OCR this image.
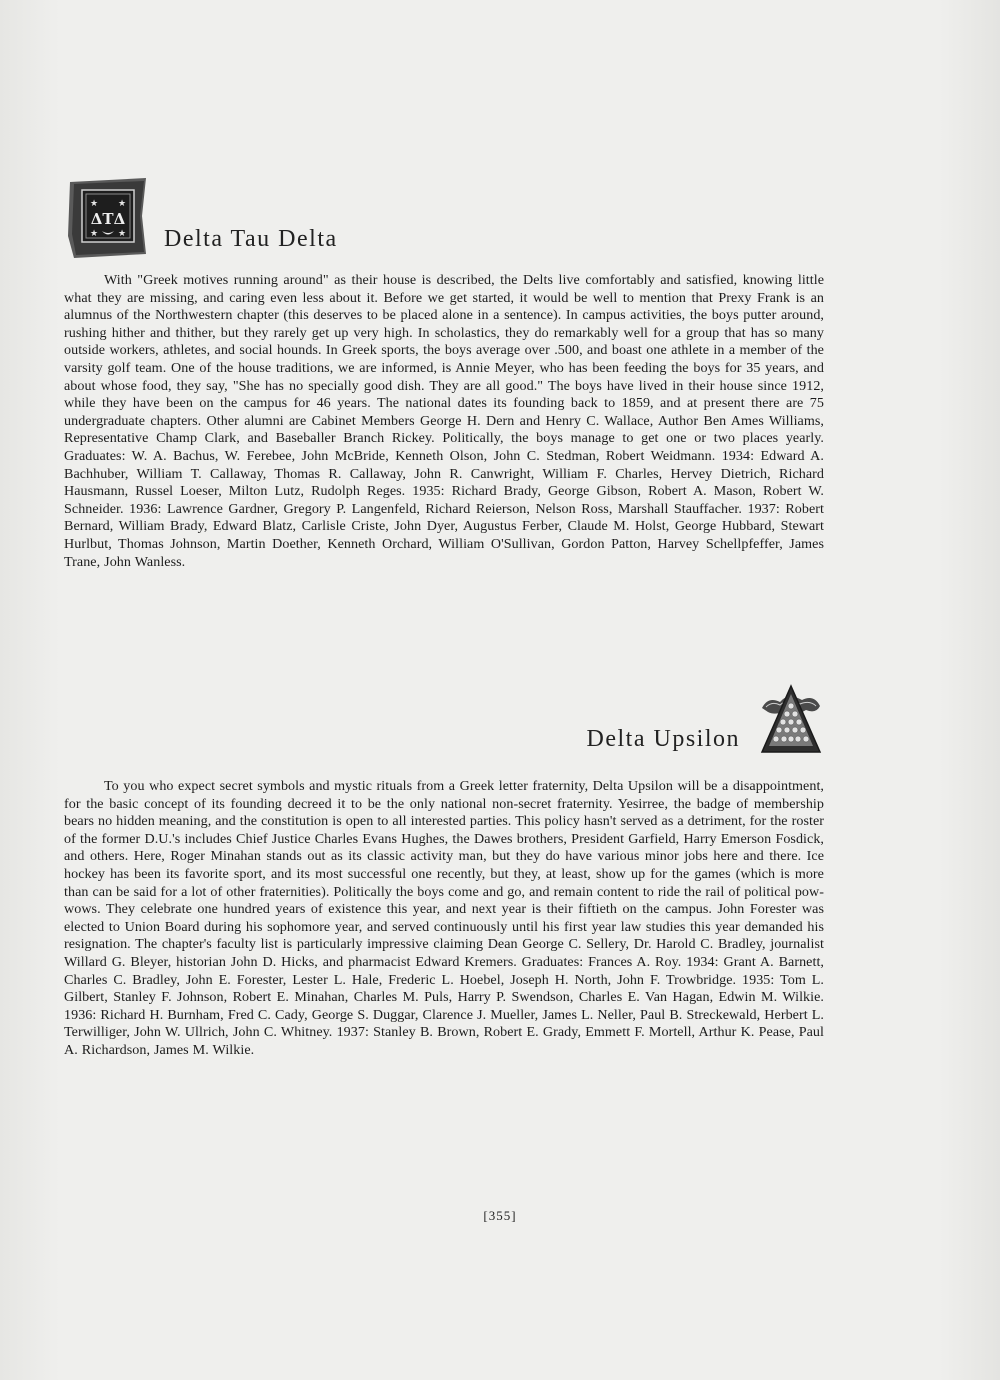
★ ★
★ ★
ΔΤΔ
Delta Tau Delta

With "Greek motives running around" as their house is described, the Delts live comfortably and satisfied, knowing little what they are missing, and caring even less about it. Before we get started, it would be well to mention that Prexy Frank is an alumnus of the Northwestern chapter (this deserves to be placed alone in a sentence). In campus activities, the boys putter around, rushing hither and thither, but they rarely get up very high. In scholastics, they do remarkably well for a group that has so many outside workers, athletes, and social hounds. In Greek sports, the boys average over .500, and boast one athlete in a member of the varsity golf team. One of the house traditions, we are informed, is Annie Meyer, who has been feeding the boys for 35 years, and about whose food, they say, "She has no specially good dish. They are all good." The boys have lived in their house since 1912, while they have been on the campus for 46 years. The national dates its founding back to 1859, and at present there are 75 undergraduate chapters. Other alumni are Cabinet Members George H. Dern and Henry C. Wallace, Author Ben Ames Williams, Representative Champ Clark, and Baseballer Branch Rickey. Politically, the boys manage to get one or two places yearly. Graduates: W. A. Bachus, W. Ferebee, John McBride, Kenneth Olson, John C. Stedman, Robert Weidmann. 1934: Edward A. Bachhuber, William T. Callaway, Thomas R. Callaway, John R. Canwright, William F. Charles, Hervey Dietrich, Richard Hausmann, Russel Loeser, Milton Lutz, Rudolph Reges. 1935: Richard Brady, George Gibson, Robert A. Mason, Robert W. Schneider. 1936: Lawrence Gardner, Gregory P. Langenfeld, Richard Reierson, Nelson Ross, Marshall Stauffacher. 1937: Robert Bernard, William Brady, Edward Blatz, Carlisle Criste, John Dyer, Augustus Ferber, Claude M. Holst, George Hubbard, Stewart Hurlbut, Thomas Johnson, Martin Doether, Kenneth Orchard, William O'Sullivan, Gordon Patton, Harvey Schellpfeffer, James Trane, John Wanless.

Delta Upsilon

To you who expect secret symbols and mystic rituals from a Greek letter fraternity, Delta Upsilon will be a disappointment, for the basic concept of its founding decreed it to be the only national non-secret fraternity. Yesirree, the badge of membership bears no hidden meaning, and the constitution is open to all interested parties. This policy hasn't served as a detriment, for the roster of the former D.U.'s includes Chief Justice Charles Evans Hughes, the Dawes brothers, President Garfield, Harry Emerson Fosdick, and others. Here, Roger Minahan stands out as its classic activity man, but they do have various minor jobs here and there. Ice hockey has been its favorite sport, and its most successful one recently, but they, at least, show up for the games (which is more than can be said for a lot of other fraternities). Politically the boys come and go, and remain content to ride the rail of political pow-wows. They celebrate one hundred years of existence this year, and next year is their fiftieth on the campus. John Forester was elected to Union Board during his sophomore year, and served continuously until his first year law studies this year demanded his resignation. The chapter's faculty list is particularly impressive claiming Dean George C. Sellery, Dr. Harold C. Bradley, journalist Willard G. Bleyer, historian John D. Hicks, and pharmacist Edward Kremers. Graduates: Frances A. Roy. 1934: Grant A. Barnett, Charles C. Bradley, John E. Forester, Lester L. Hale, Frederic L. Hoebel, Joseph H. North, John F. Trowbridge. 1935: Tom L. Gilbert, Stanley F. Johnson, Robert E. Minahan, Charles M. Puls, Harry P. Swendson, Charles E. Van Hagan, Edwin M. Wilkie. 1936: Richard H. Burnham, Fred C. Cady, George S. Duggar, Clarence J. Mueller, James L. Neller, Paul B. Streckewald, Herbert L. Terwilliger, John W. Ullrich, John C. Whitney. 1937: Stanley B. Brown, Robert E. Grady, Emmett F. Mortell, Arthur K. Pease, Paul A. Richardson, James M. Wilkie.

[355]
